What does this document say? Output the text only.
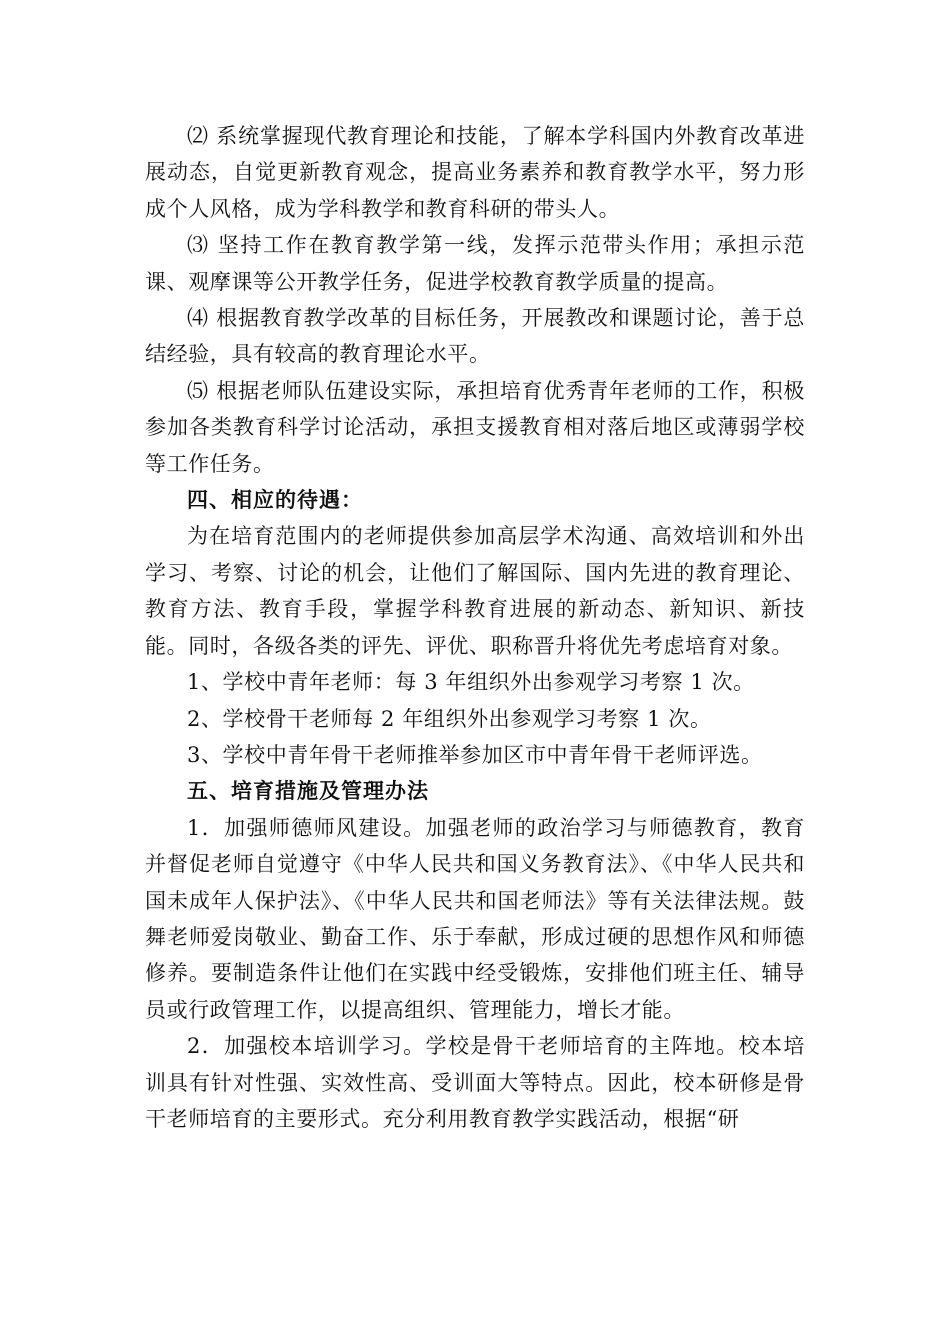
⑵ 系统掌握现代教育理论和技能，了解本学科国内外教育改革进展动态，自觉更新教育观念，提高业务素养和教育教学水平，努力形成个人风格，成为学科教学和教育科研的带头人。

⑶ 坚持工作在教育教学第一线，发挥示范带头作用；承担示范课、观摩课等公开教学任务，促进学校教育教学质量的提高。

⑷ 根据教育教学改革的目标任务，开展教改和课题讨论，善于总结经验，具有较高的教育理论水平。

⑸ 根据老师队伍建设实际，承担培育优秀青年老师的工作，积极参加各类教育科学讨论活动，承担支援教育相对落后地区或薄弱学校等工作任务。

四、相应的待遇：

为在培育范围内的老师提供参加高层学术沟通、高效培训和外出学习、考察、讨论的机会，让他们了解国际、国内先进的教育理论、教育方法、教育手段，掌握学科教育进展的新动态、新知识、新技能。同时，各级各类的评先、评优、职称晋升将优先考虑培育对象。

1、学校中青年老师：每 3 年组织外出参观学习考察 1 次。

2、学校骨干老师每 2 年组织外出参观学习考察 1 次。

3、学校中青年骨干老师推举参加区市中青年骨干老师评选。

五、培育措施及管理办法

1．加强师德师风建设。加强老师的政治学习与师德教育，教育并督促老师自觉遵守《中华人民共和国义务教育法》、《中华人民共和国未成年人保护法》、《中华人民共和国老师法》等有关法律法规。鼓舞老师爱岗敬业、勤奋工作、乐于奉献，形成过硬的思想作风和师德修养。要制造条件让他们在实践中经受锻炼，安排他们班主任、辅导员或行政管理工作，以提高组织、管理能力，增长才能。

2．加强校本培训学习。学校是骨干老师培育的主阵地。校本培训具有针对性强、实效性高、受训面大等特点。因此，校本研修是骨干老师培育的主要形式。充分利用教育教学实践活动，根据“研
